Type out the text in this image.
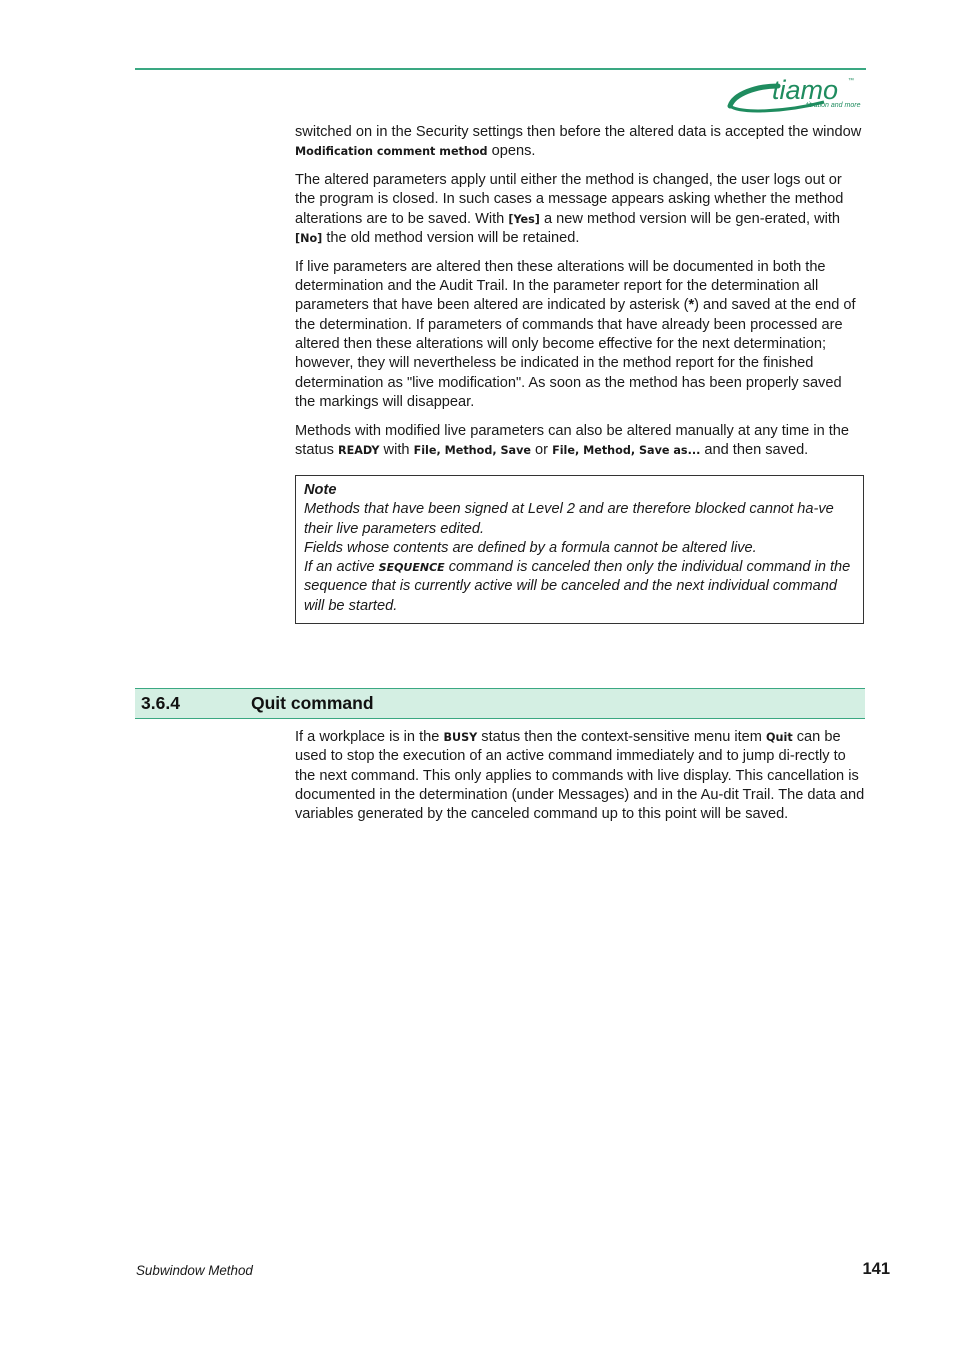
tiamo ™
titration and more

switched on in the Security settings then before the altered data is accepted the window Modification comment method opens.

The altered parameters apply until either the method is changed, the user logs out or the program is closed. In such cases a message appears asking whether the method alterations are to be saved. With [Yes] a new method version will be gen-erated, with [No] the old method version will be retained.

If live parameters are altered then these alterations will be documented in both the determination and the Audit Trail. In the parameter report for the determination all parameters that have been altered are indicated by asterisk (*) and saved at the end of the determination. If parameters of commands that have already been processed are altered then these alterations will only become effective for the next determination; however, they will nevertheless be indicated in the method report for the finished determination as "live modification". As soon as the method has been properly saved the markings will disappear.

Methods with modified live parameters can also be altered manually at any time in the status READY with File, Method, Save or File, Method, Save as... and then saved.

Note
Methods that have been signed at Level 2 and are therefore blocked cannot ha-ve their live parameters edited.
Fields whose contents are defined by a formula cannot be altered live.
If an active SEQUENCE command is canceled then only the individual command in the sequence that is currently active will be canceled and the next individual command will be started.
3.6.4	Quit command

If a workplace is in the BUSY status then the context-sensitive menu item Quit can be used to stop the execution of an active command immediately and to jump di-rectly to the next command. This only applies to commands with live display. This cancellation is documented in the determination (under Messages) and in the Au-dit Trail. The data and variables generated by the canceled command up to this point will be saved.

Subwindow Method	141
